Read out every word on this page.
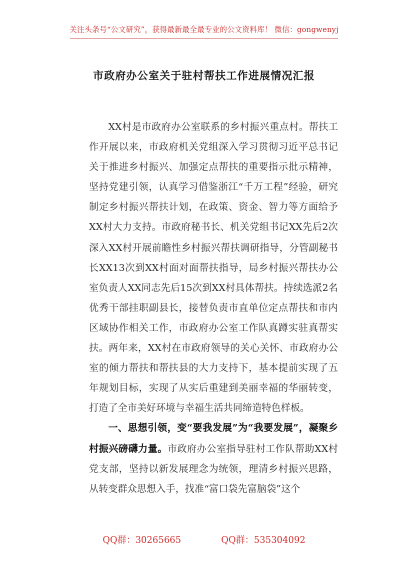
关注头条号“公文研究”，获得最新最全最专业的公文资料库！ 微信：gongwenyj
市政府办公室关于驻村帮扶工作进展情况汇报

XX村是市政府办公室联系的乡村振兴重点村。帮扶工作开展以来，市政府机关党组深入学习贯彻习近平总书记关于推进乡村振兴、加强定点帮扶的重要指示批示精神，坚持党建引领，认真学习借鉴浙江“千万工程”经验，研究制定乡村振兴帮扶计划，在政策、资金、智力等方面给予XX村大力支持。市政府秘书长、机关党组书记XX先后2次深入XX村开展前瞻性乡村振兴帮扶调研指导，分管副秘书长XX13次到XX村面对面帮扶指导，局乡村振兴帮扶办公室负责人XX同志先后15次到XX村具体帮扶。持续选派2名优秀干部挂职副县长，接替负责市直单位定点帮扶和市内区域协作相关工作，市政府办公室工作队真蹲实驻真帮实扶。两年来，XX村在市政府领导的关心关怀、市政府办公室的倾力帮扶和帮扶县的大力支持下，基本提前实现了五年规划目标，实现了从实后重建到美丽幸福的华丽转变，打造了全市美好环境与幸福生活共同缔造特色样板。

一、思想引领，变“要我发展”为“我要发展”，凝聚乡村振兴磅礴力量。市政府办公室指导驻村工作队帮助XX村党支部，坚持以新发展理念为统领，理清乡村振兴思路，从转变群众思想入手，找准“富口袋先富脑袋”这个

QQ群：30265665	QQ群：535304092
